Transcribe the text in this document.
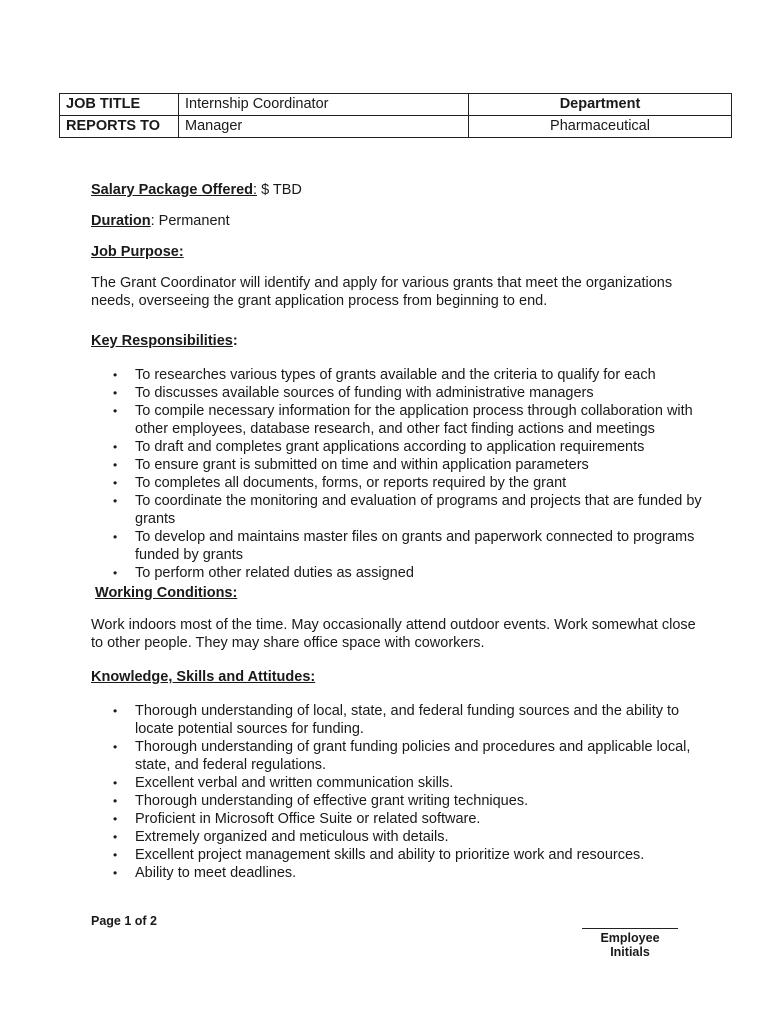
JOB TITLE	Internship Coordinator	Department
REPORTS TO	Manager	Pharmaceutical
Salary Package Offered: $ TBD
Duration: Permanent
Job Purpose:

The Grant Coordinator will identify and apply for various grants that meet the organizations needs, overseeing the grant application process from beginning to end.

Key Responsibilities:
• To researches various types of grants available and the criteria to qualify for each
• To discusses available sources of funding with administrative managers
• To compile necessary information for the application process through collaboration with other employees, database research, and other fact finding actions and meetings
• To draft and completes grant applications according to application requirements
• To ensure grant is submitted on time and within application parameters
• To completes all documents, forms, or reports required by the grant
• To coordinate the monitoring and evaluation of programs and projects that are funded by grants
• To develop and maintains master files on grants and paperwork connected to programs funded by grants
• To perform other related duties as assigned
Working Conditions:

Work indoors most of the time. May occasionally attend outdoor events. Work somewhat close to other people. They may share office space with coworkers.

Knowledge, Skills and Attitudes:
• Thorough understanding of local, state, and federal funding sources and the ability to locate potential sources for funding.
• Thorough understanding of grant funding policies and procedures and applicable local, state, and federal regulations.
• Excellent verbal and written communication skills.
• Thorough understanding of effective grant writing techniques.
• Proficient in Microsoft Office Suite or related software.
• Extremely organized and meticulous with details.
• Excellent project management skills and ability to prioritize work and resources.
• Ability to meet deadlines.
Page 1 of 2
Employee Initials
